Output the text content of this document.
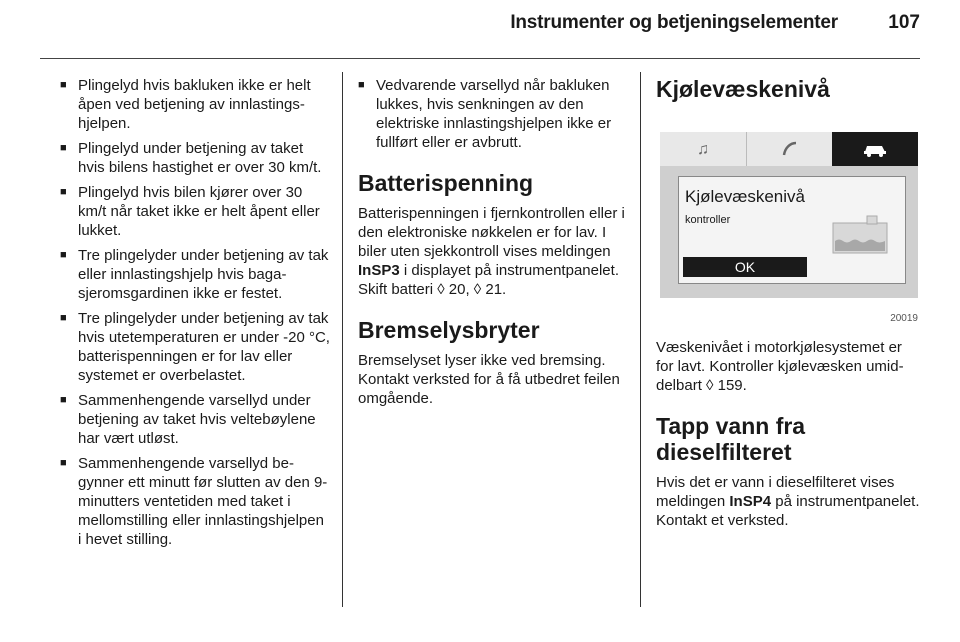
Instrumenter og betjeningselementer	107
■ Plingelyd hvis bakluken ikke er helt åpen ved betjening av innlastingshjelpen.
■ Plingelyd under betjening av taket hvis bilens hastighet er over 30 km/t.
■ Plingelyd hvis bilen kjører over 30 km/t når taket ikke er helt åpent eller lukket.
■ Tre plingelyder under betjening av tak eller innlastingshjelp hvis bagasjeromsgardinen ikke er festet.
■ Tre plingelyder under betjening av tak hvis utetemperaturen er under -20 °C, batterispenningen er for lav eller systemet er overbelastet.
■ Sammenhengende varsellyd under betjening av taket hvis veltebøylene har vært utløst.
■ Sammenhengende varsellyd begynner ett minutt før slutten av den 9-minutters ventetiden med taket i mellomstilling eller innlastingshjelpen i hevet stilling.
■ Vedvarende varsellyd når bakluken lukkes, hvis senkningen av den elektriske innlastingshjelpen ikke er fullført eller er avbrutt.
Batterispenning
Batterispenningen i fjernkontrollen eller i den elektroniske nøkkelen er for lav. I biler uten sjekkontroll vises meldingen InSP3 i displayet på instrumentpanelet. Skift batteri ◊ 20, ◊ 21.
Bremselysbryter
Bremselyset lyser ikke ved bremsing. Kontakt verksted for å få utbedret feilen omgående.
Kjølevæskenivå
♫
Kjølevæskenivå
kontroller
OK
20019
Væskenivået i motorkjølesystemet er for lavt. Kontroller kjølevæsken umiddelbart ◊ 159.
Tapp vann fra dieselfilteret
Hvis det er vann i dieselfilteret vises meldingen InSP4 på instrumentpanelet. Kontakt et verksted.
